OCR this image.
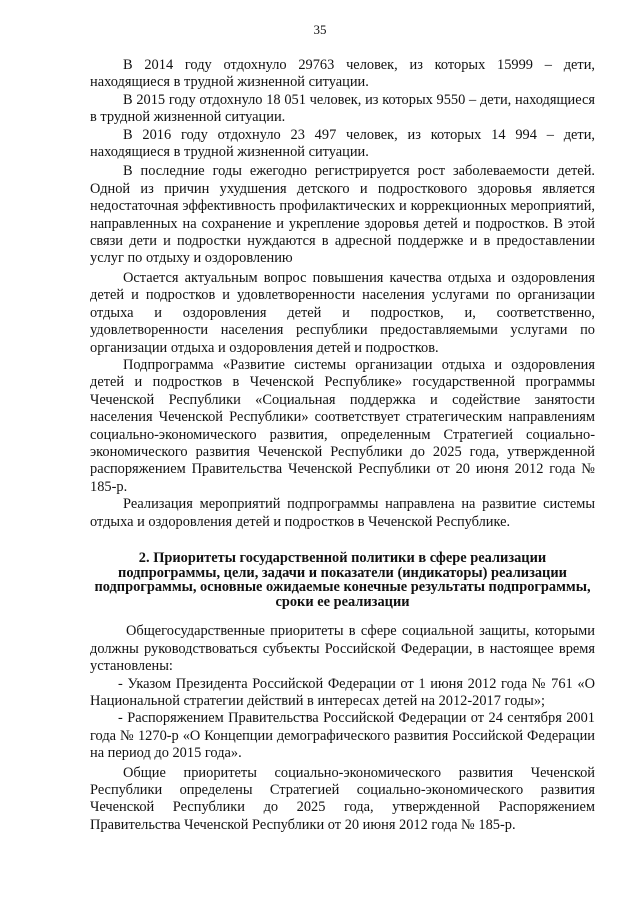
35

В 2014 году отдохнуло 29763 человек, из которых 15999 – дети, находящиеся в трудной жизненной ситуации.

В 2015 году отдохнуло 18 051 человек, из которых 9550 – дети, находящиеся в трудной жизненной ситуации.

В 2016 году отдохнуло 23 497 человек, из которых 14 994 – дети, находящиеся в трудной жизненной ситуации.

В последние годы ежегодно регистрируется рост заболеваемости детей. Одной из причин ухудшения детского и подросткового здоровья является недостаточная эффективность профилактических и коррекционных мероприятий, направленных на сохранение и укрепление здоровья детей и подростков. В этой связи дети и подростки нуждаются в адресной поддержке и в предоставлении услуг по отдыху и оздоровлению

Остается актуальным вопрос повышения качества отдыха и оздоровления детей и подростков и удовлетворенности населения услугами по организации отдыха и оздоровления детей и подростков, и, соответственно, удовлетворенности населения республики предоставляемыми услугами по организации отдыха и оздоровления детей и подростков.

Подпрограмма «Развитие системы организации отдыха и оздоровления детей и подростков в Чеченской Республике» государственной программы Чеченской Республики «Социальная поддержка и содействие занятости населения Чеченской Республики» соответствует стратегическим направлениям социально-экономического развития, определенным Стратегией социально-экономического развития Чеченской Республики до 2025 года, утвержденной распоряжением Правительства Чеченской Республики от 20 июня 2012 года № 185-р.

Реализация мероприятий подпрограммы направлена на развитие системы отдыха и оздоровления детей и подростков в Чеченской Республике.

2. Приоритеты государственной политики в сфере реализации подпрограммы, цели, задачи и показатели (индикаторы) реализации подпрограммы, основные ожидаемые конечные результаты подпрограммы, сроки ее реализации

Общегосударственные приоритеты в сфере социальной защиты, которыми должны руководствоваться субъекты Российской Федерации, в настоящее время установлены:

- Указом Президента Российской Федерации от 1 июня 2012 года № 761 «О Национальной стратегии действий в интересах детей на 2012-2017 годы»;

- Распоряжением Правительства Российской Федерации от 24 сентября 2001 года № 1270-р «О Концепции демографического развития Российской Федерации на период до 2015 года».

Общие приоритеты социально-экономического развития Чеченской Республики определены Стратегией социально-экономического развития Чеченской Республики до 2025 года, утвержденной Распоряжением Правительства Чеченской Республики от 20 июня 2012 года № 185-р.
